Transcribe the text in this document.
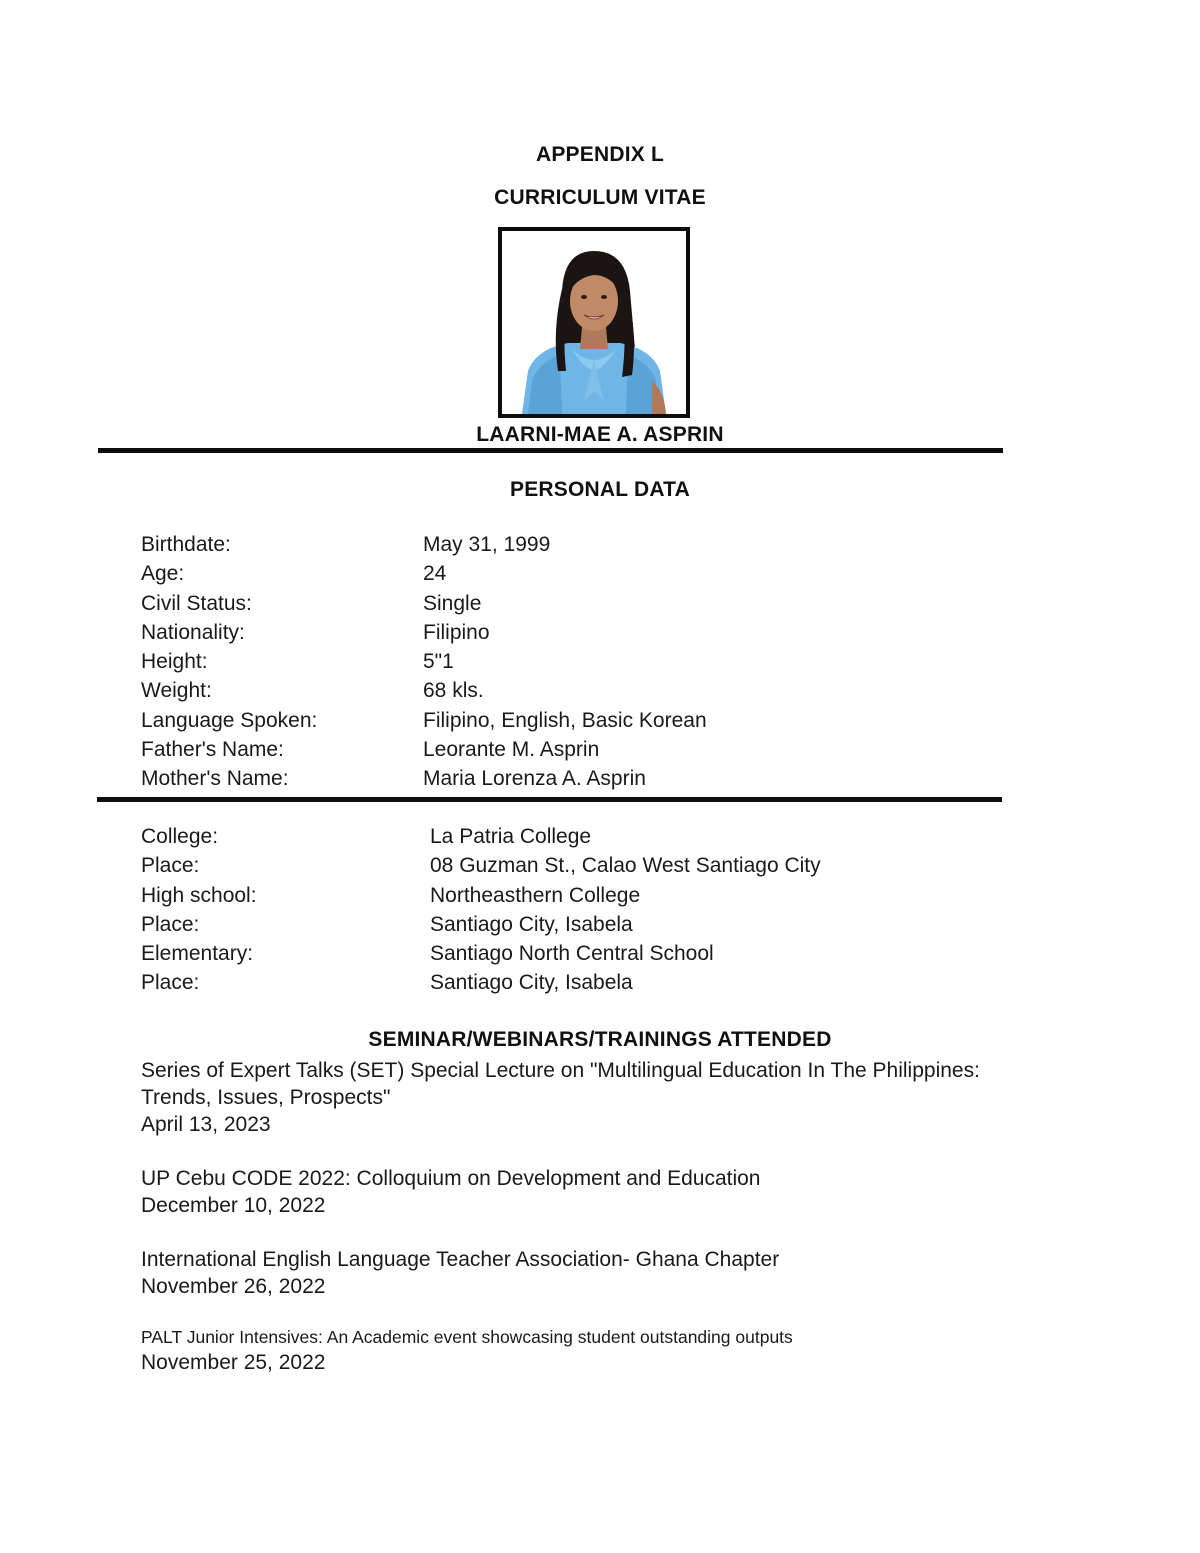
APPENDIX L
CURRICULUM VITAE
LAARNI-MAE A. ASPRIN
PERSONAL DATA
Birthdate:	May 31, 1999
Age:	24
Civil Status:	Single
Nationality:	Filipino
Height:	5"1
Weight:	68 kls.
Language Spoken:	Filipino, English, Basic Korean
Father's Name:	Leorante M. Asprin
Mother's Name:	Maria Lorenza A. Asprin
College:	La Patria College
Place:	08 Guzman St., Calao West Santiago City
High school:	Northeasthern College
Place:	Santiago City, Isabela
Elementary:	Santiago North Central School
Place:	Santiago City, Isabela
SEMINAR/WEBINARS/TRAININGS ATTENDED
Series of Expert Talks (SET) Special Lecture on "Multilingual Education In The Philippines: Trends, Issues, Prospects"
April 13, 2023
UP Cebu CODE 2022: Colloquium on Development and Education
December 10, 2022
International English Language Teacher Association- Ghana Chapter
November 26, 2022
PALT Junior Intensives: An Academic event showcasing student outstanding outputs
November 25, 2022
